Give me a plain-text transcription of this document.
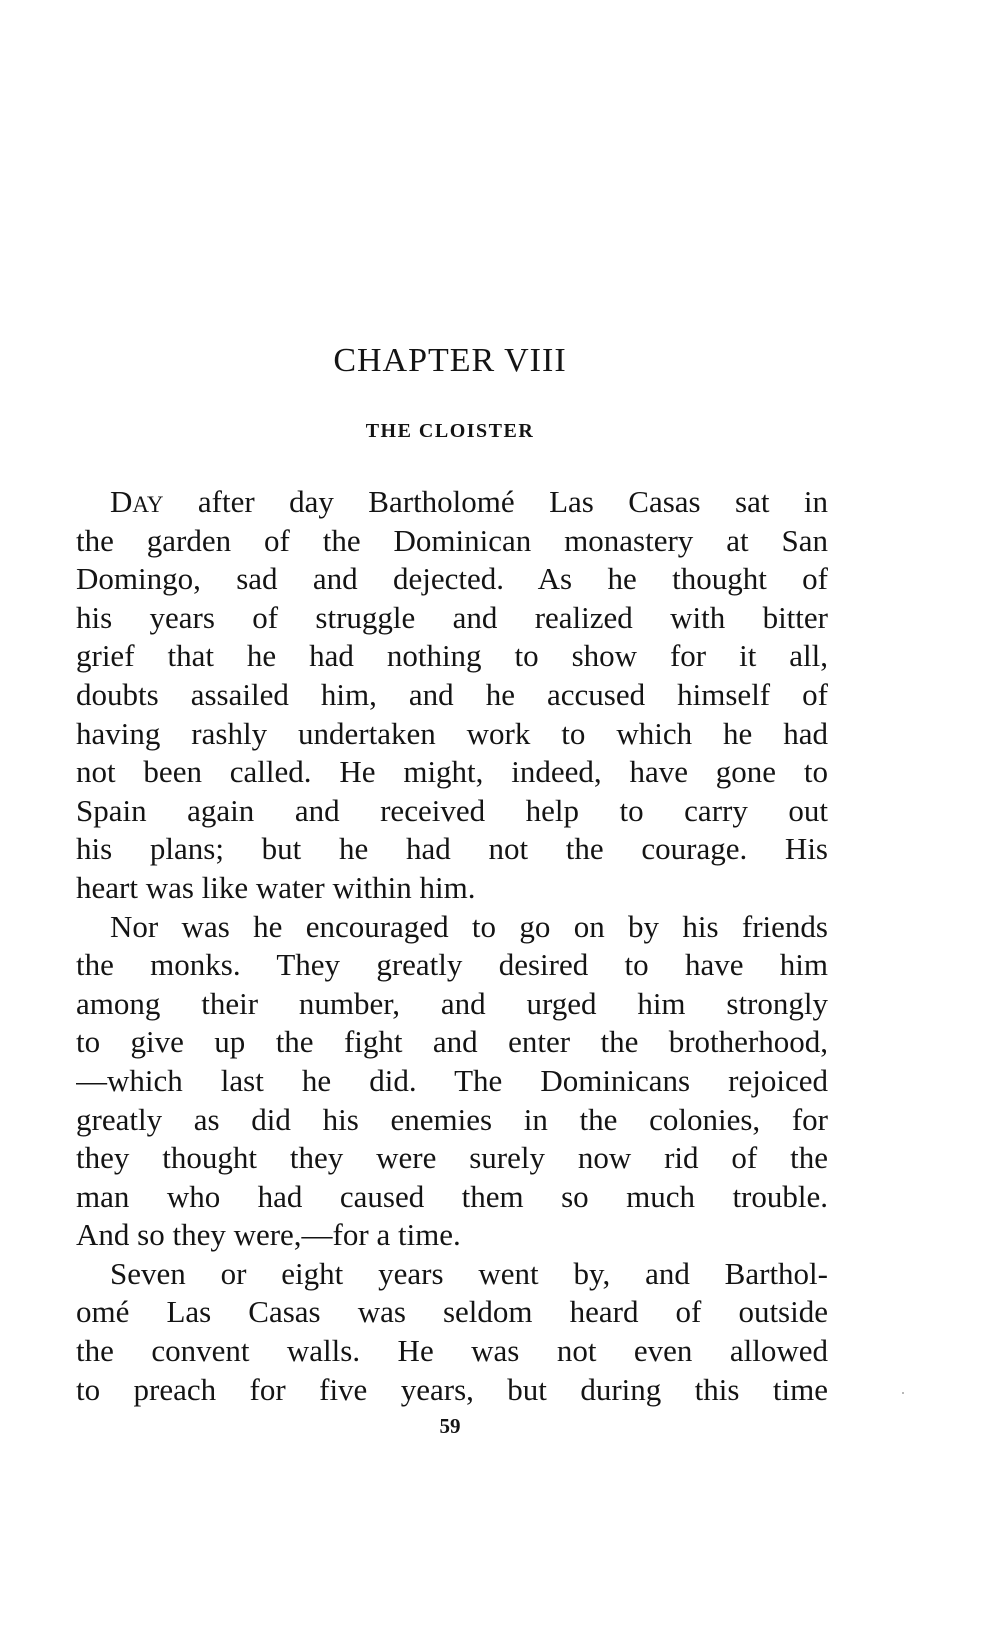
CHAPTER VIII
THE CLOISTER
DAY after day Bartholomé Las Casas sat in
the garden of the Dominican monastery at San
Domingo, sad and dejected. As he thought of
his years of struggle and realized with bitter
grief that he had nothing to show for it all,
doubts assailed him, and he accused himself of
having rashly undertaken work to which he had
not been called. He might, indeed, have gone to
Spain again and received help to carry out
his plans; but he had not the courage. His
heart was like water within him.
Nor was he encouraged to go on by his friends
the monks. They greatly desired to have him
among their number, and urged him strongly
to give up the fight and enter the brotherhood,
—which last he did. The Dominicans rejoiced
greatly as did his enemies in the colonies, for
they thought they were surely now rid of the
man who had caused them so much trouble.
And so they were,—for a time.
Seven or eight years went by, and Barthol-
omé Las Casas was seldom heard of outside
the convent walls. He was not even allowed
to preach for five years, but during this time

59
